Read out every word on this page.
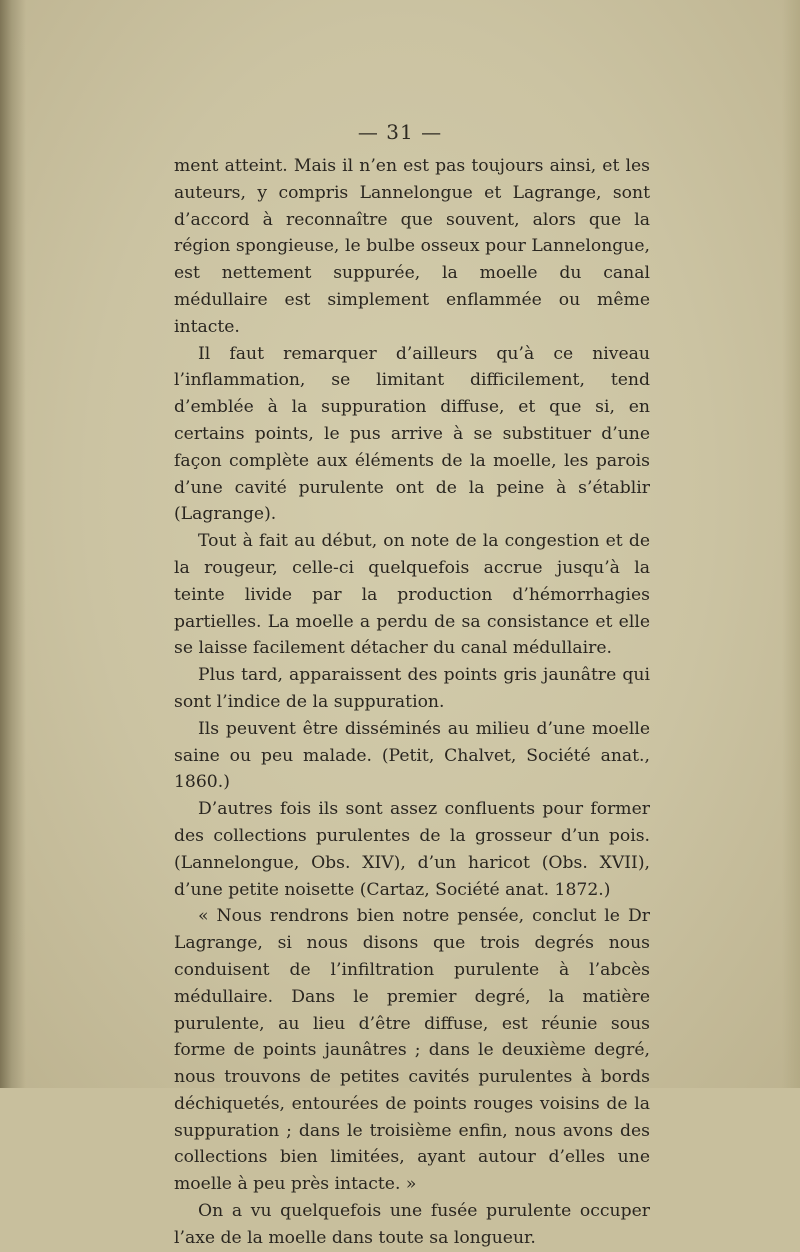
— 31 —

ment atteint. Mais il n’en est pas toujours ainsi, et les auteurs, y compris Lannelongue et Lagrange, sont d’accord à reconnaître que souvent, alors que la région spongieuse, le bulbe osseux pour Lannelongue, est nettement suppurée, la moelle du canal médullaire est simplement enflammée ou même intacte.

Il faut remarquer d’ailleurs qu’à ce niveau l’inflammation, se limitant difficilement, tend d’emblée à la suppuration diffuse, et que si, en certains points, le pus arrive à se substituer d’une façon complète aux éléments de la moelle, les parois d’une cavité purulente ont de la peine à s’établir (Lagrange).

Tout à fait au début, on note de la congestion et de la rougeur, celle-ci quelquefois accrue jusqu’à la teinte livide par la production d’hémorrhagies partielles. La moelle a perdu de sa consistance et elle se laisse facilement détacher du canal médullaire.

Plus tard, apparaissent des points gris jaunâtre qui sont l’indice de la suppuration.

Ils peuvent être disséminés au milieu d’une moelle saine ou peu malade. (Petit, Chalvet, Société anat., 1860.)

D’autres fois ils sont assez confluents pour former des collections purulentes de la grosseur d’un pois. (Lannelongue, Obs. XIV), d’un haricot (Obs. XVII), d’une petite noisette (Cartaz, Société anat. 1872.)

« Nous rendrons bien notre pensée, conclut le Dr Lagrange, si nous disons que trois degrés nous conduisent de l’infiltration purulente à l’abcès médullaire. Dans le premier degré, la matière purulente, au lieu d’être diffuse, est réunie sous forme de points jaunâtres ; dans le deuxième degré, nous trouvons de petites cavités purulentes à bords déchiquetés, entourées de points rouges voisins de la suppuration ; dans le troisième enfin, nous avons des collections bien limitées, ayant autour d’elles une moelle à peu près intacte. »

On a vu quelquefois une fusée purulente occuper l’axe de la moelle dans toute sa longueur.
